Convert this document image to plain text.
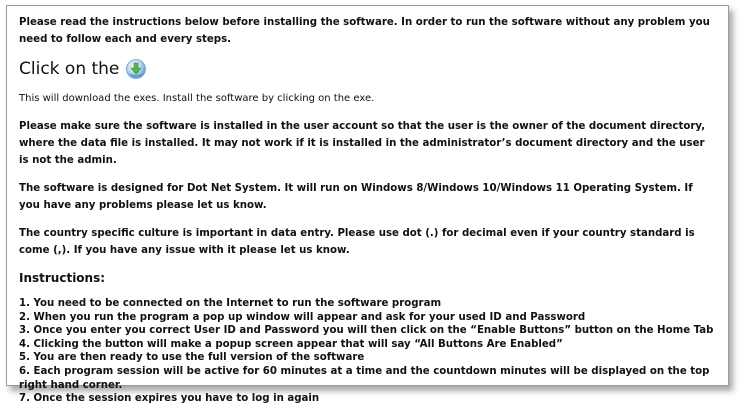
Please read the instructions below before installing the software. In order to run the software without any problem you need to follow each and every steps.

Click on the

This will download the exes. Install the software by clicking on the exe.

Please make sure the software is installed in the user account so that the user is the owner of the document directory, where the data file is installed. It may not work if it is installed in the administrator’s document directory and the user is not the admin.

The software is designed for Dot Net System. It will run on Windows 8/Windows 10/Windows 11 Operating System. If you have any problems please let us know.

The country specific culture is important in data entry. Please use dot (.) for decimal even if your country standard is come (,). If you have any issue with it please let us know.

Instructions:

1. You need to be connected on the Internet to run the software program
2. When you run the program a pop up window will appear and ask for your used ID and Password
3. Once you enter you correct User ID and Password you will then click on the “Enable Buttons” button on the Home Tab
4. Clicking the button will make a popup screen appear that will say “All Buttons Are Enabled”
5. You are then ready to use the full version of the software
6. Each program session will be active for 60 minutes at a time and the countdown minutes will be displayed on the top right hand corner.
7. Once the session expires you have to log in again
